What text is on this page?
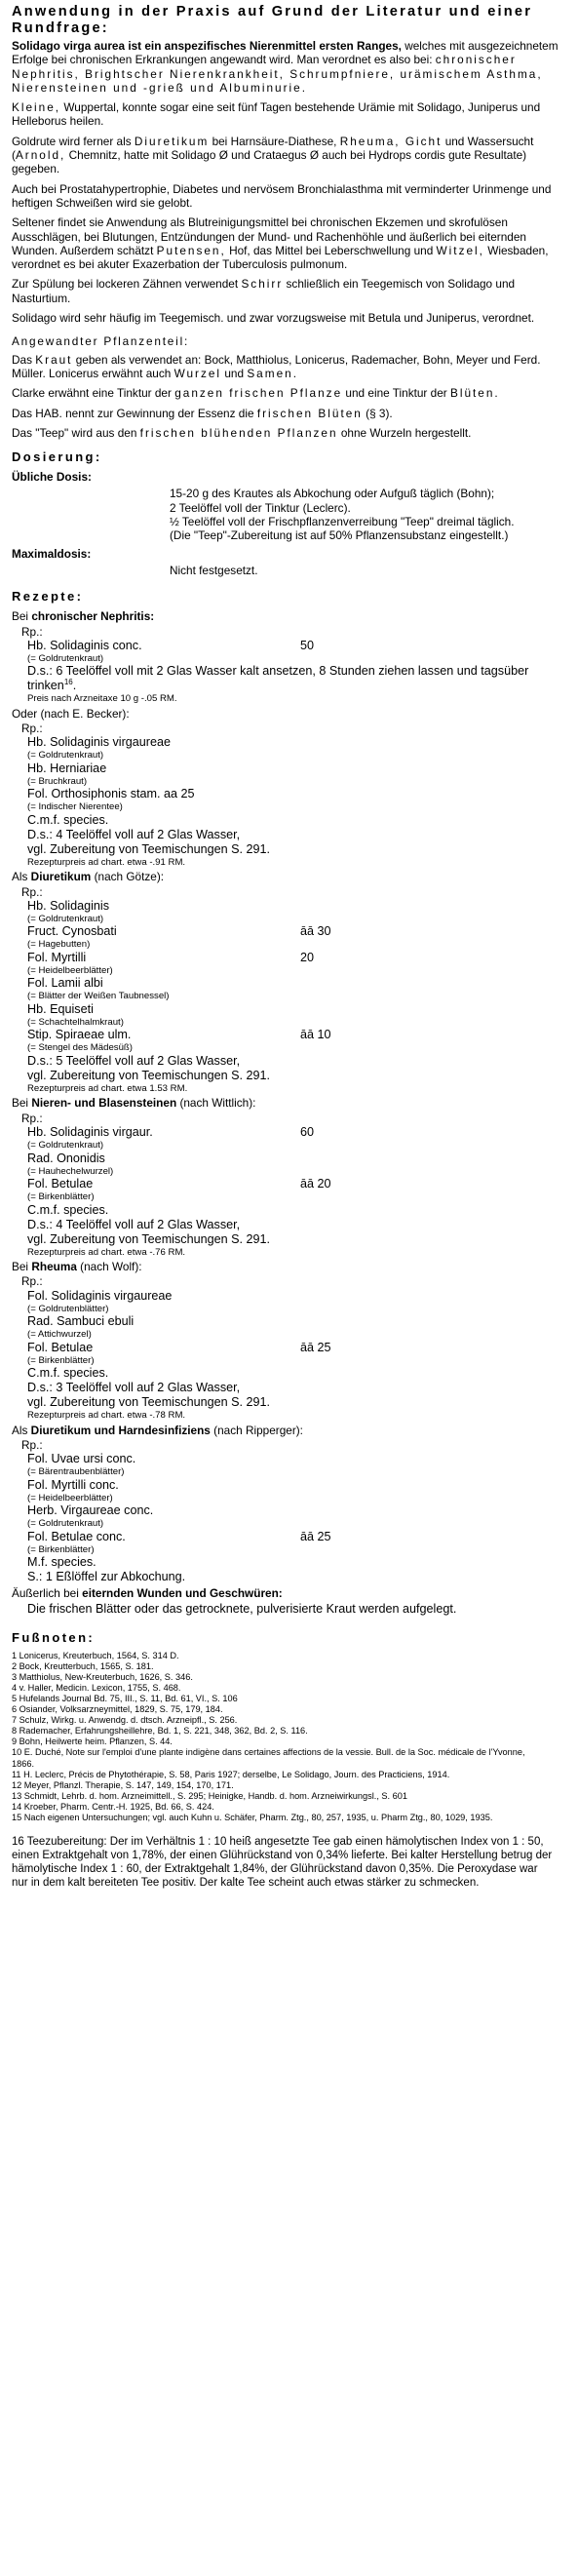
Anwendung in der Praxis auf Grund der Literatur und einer Rundfrage:

Solidago virga aurea ist ein anspezifisches Nierenmittel ersten Ranges, welches mit ausgezeichnetem Erfolge bei chronischen Erkrankungen angewandt wird. Man verordnet es also bei: chronischer Nephritis, Brightscher Nierenkrankheit, Schrumpfniere, urämischem Asthma, Nierensteinen und -grieß und Albuminurie.

Kleine, Wuppertal, konnte sogar eine seit fünf Tagen bestehende Urämie mit Solidago, Juniperus und Helleborus heilen.

Goldrute wird ferner als Diuretikum bei Harnsäure-Diathese, Rheuma, Gicht und Wassersucht (Arnold, Chemnitz, hatte mit Solidago Ø und Crataegus Ø auch bei Hydrops cordis gute Resultate) gegeben.

Auch bei Prostatahypertrophie, Diabetes und nervösem Bronchialasthma mit verminderter Urinmenge und heftigen Schweißen wird sie gelobt.

Seltener findet sie Anwendung als Blutreinigungsmittel bei chronischen Ekzemen und skrofulösen Ausschlägen, bei Blutungen, Entzündungen der Mund- und Rachenhöhle und äußerlich bei eiternden Wunden. Außerdem schätzt Putensen, Hof, das Mittel bei Leberschwellung und Witzel, Wiesbaden, verordnet es bei akuter Exazerbation der Tuberculosis pulmonum.

Zur Spülung bei lockeren Zähnen verwendet Schirr schließlich ein Teegemisch von Solidago und Nasturtium.

Solidago wird sehr häufig im Teegemisch. und zwar vorzugsweise mit Betula und Juniperus, verordnet.

Angewandter Pflanzenteil:

Das Kraut geben als verwendet an: Bock, Matthiolus, Lonicerus, Rademacher, Bohn, Meyer und Ferd. Müller. Lonicerus erwähnt auch Wurzel und Samen.

Clarke erwähnt eine Tinktur der ganzen frischen Pflanze und eine Tinktur der Blüten.

Das HAB. nennt zur Gewinnung der Essenz die frischen Blüten (§ 3).

Das "Teep" wird aus den frischen blühenden Pflanzen ohne Wurzeln hergestellt.

Dosierung:
Übliche Dosis:
15-20 g des Krautes als Abkochung oder Aufguß täglich (Bohn);
2 Teelöffel voll der Tinktur (Leclerc).
½ Teelöffel voll der Frischpflanzenverreibung "Teep" dreimal täglich.
(Die "Teep"-Zubereitung ist auf 50% Pflanzensubstanz eingestellt.)
Maximaldosis:
Nicht festgesetzt.
Rezepte:
Bei chronischer Nephritis:
Rp.:
Hb. Solidaginis conc.	50
(= Goldrutenkraut)
D.s.: 6 Teelöffel voll mit 2 Glas Wasser kalt ansetzen, 8 Stunden ziehen lassen und tagsüber trinken$^{16}$.
Preis nach Arzneitaxe 10 g -.05 RM.
Oder (nach E. Becker):
Rp.:
Hb. Solidaginis virgaureae
(= Goldrutenkraut)
Hb. Herniariae
(= Bruchkraut)
Fol. Orthosiphonis stam. aa 25
(= Indischer Nierentee)
C.m.f. species.
D.s.: 4 Teelöffel voll auf 2 Glas Wasser,
vgl. Zubereitung von Teemischungen S. 291.
Rezepturpreis ad chart. etwa -.91 RM.
Als Diuretikum (nach Götze):
Rp.:
Hb. Solidaginis
(= Goldrutenkraut)
Fruct. Cynosbati	āā 30
(= Hagebutten)
Fol. Myrtilli	20
(= Heidelbeerblätter)
Fol. Lamii albi
(= Blätter der Weißen Taubnessel)
Hb. Equiseti
(= Schachtelhalmkraut)
Stip. Spiraeae ulm.	āā 10
(= Stengel des Mädesüß)
D.s.: 5 Teelöffel voll auf 2 Glas Wasser,
vgl. Zubereitung von Teemischungen S. 291.
Rezepturpreis ad chart. etwa 1.53 RM.
Bei Nieren- und Blasensteinen (nach Wittlich):
Rp.:
Hb. Solidaginis virgaur.	60
(= Goldrutenkraut)
Rad. Ononidis
(= Hauhechelwurzel)
Fol. Betulae	āā 20
(= Birkenblätter)
C.m.f. species.
D.s.: 4 Teelöffel voll auf 2 Glas Wasser,
vgl. Zubereitung von Teemischungen S. 291.
Rezepturpreis ad chart. etwa -.76 RM.
Bei Rheuma (nach Wolf):
Rp.:
Fol. Solidaginis virgaureae
(= Goldrutenblätter)
Rad. Sambuci ebuli
(= Attichwurzel)
Fol. Betulae	āā 25
(= Birkenblätter)
C.m.f. species.
D.s.: 3 Teelöffel voll auf 2 Glas Wasser,
vgl. Zubereitung von Teemischungen S. 291.
Rezepturpreis ad chart. etwa -.78 RM.
Als Diuretikum und Harndesinfiziens (nach Ripperger):
Rp.:
Fol. Uvae ursi conc.
(= Bärentraubenblätter)
Fol. Myrtilli conc.
(= Heidelbeerblätter)
Herb. Virgaureae conc.
(= Goldrutenkraut)
Fol. Betulae conc.	āā 25
(= Birkenblätter)
M.f. species.
S.: 1 Eßlöffel zur Abkochung.
Äußerlich bei eiternden Wunden und Geschwüren:
Die frischen Blätter oder das getrocknete, pulverisierte Kraut werden aufgelegt.
Fußnoten:

1 Lonicerus, Kreuterbuch, 1564, S. 314 D.

2 Bock, Kreutterbuch, 1565, S. 181.

3 Matthiolus, New-Kreuterbuch, 1626, S. 346.

4 v. Haller, Medicin. Lexicon, 1755, S. 468.

5 Hufelands Journal Bd. 75, III., S. 11, Bd. 61, VI., S. 106

6 Osiander, Volksarzneymittel, 1829, S. 75, 179, 184.

7 Schulz, Wirkg. u. Anwendg. d. dtsch. Arzneipfl., S. 256.

8 Rademacher, Erfahrungsheillehre, Bd. 1, S. 221, 348, 362, Bd. 2, S. 116.

9 Bohn, Heilwerte heim. Pflanzen, S. 44.

10 E. Duché, Note sur l'emploi d'une plante indigène dans certaines affections de la vessie. Bull. de la Soc. médicale de l'Yvonne, 1866.

11 H. Leclerc, Précis de Phytothérapie, S. 58, Paris 1927; derselbe, Le Solidago, Journ. des Practiciens, 1914.

12 Meyer, Pflanzl. Therapie, S. 147, 149, 154, 170, 171.

13 Schmidt, Lehrb. d. hom. Arzneimittell., S. 295; Heinigke, Handb. d. hom. Arzneiwirkungsl., S. 601

14 Kroeber, Pharm. Centr.-H. 1925, Bd. 66, S. 424.

15 Nach eigenen Untersuchungen; vgl. auch Kuhn u. Schäfer, Pharm. Ztg., 80, 257, 1935, u. Pharm Ztg., 80, 1029, 1935.

16 Teezubereitung: Der im Verhältnis 1 : 10 heiß angesetzte Tee gab einen hämolytischen Index von 1 : 50, einen Extraktgehalt von 1,78%, der einen Glührückstand von 0,34% lieferte. Bei kalter Herstellung betrug der hämolytische Index 1 : 60, der Extraktgehalt 1,84%, der Glührückstand davon 0,35%. Die Peroxydase war nur in dem kalt bereiteten Tee positiv. Der kalte Tee scheint auch etwas stärker zu schmecken.
